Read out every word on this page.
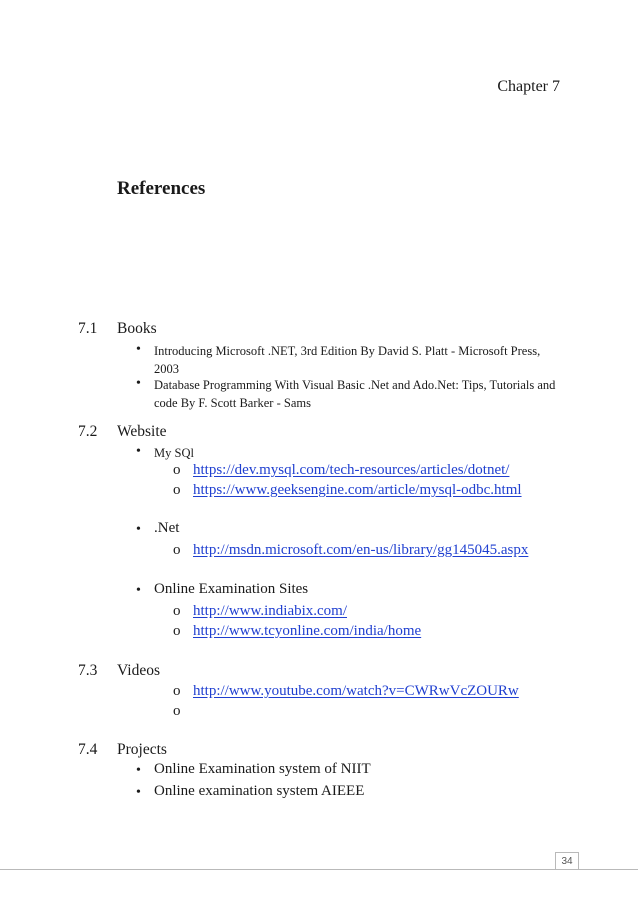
Chapter 7
References
7.1 Books
• Introducing Microsoft .NET, 3rd Edition By David S. Platt - Microsoft Press, 2003
• Database Programming With Visual Basic .Net and Ado.Net: Tips, Tutorials and code By F. Scott Barker - Sams
7.2 Website
• My SQl
o https://dev.mysql.com/tech-resources/articles/dotnet/
o https://www.geeksengine.com/article/mysql-odbc.html
• .Net
o http://msdn.microsoft.com/en-us/library/gg145045.aspx
• Online Examination Sites
o http://www.indiabix.com/
o http://www.tcyonline.com/india/home
7.3 Videos
o http://www.youtube.com/watch?v=CWRwVcZOURw
o
7.4 Projects
• Online Examination system of NIIT
• Online examination system AIEEE
34
